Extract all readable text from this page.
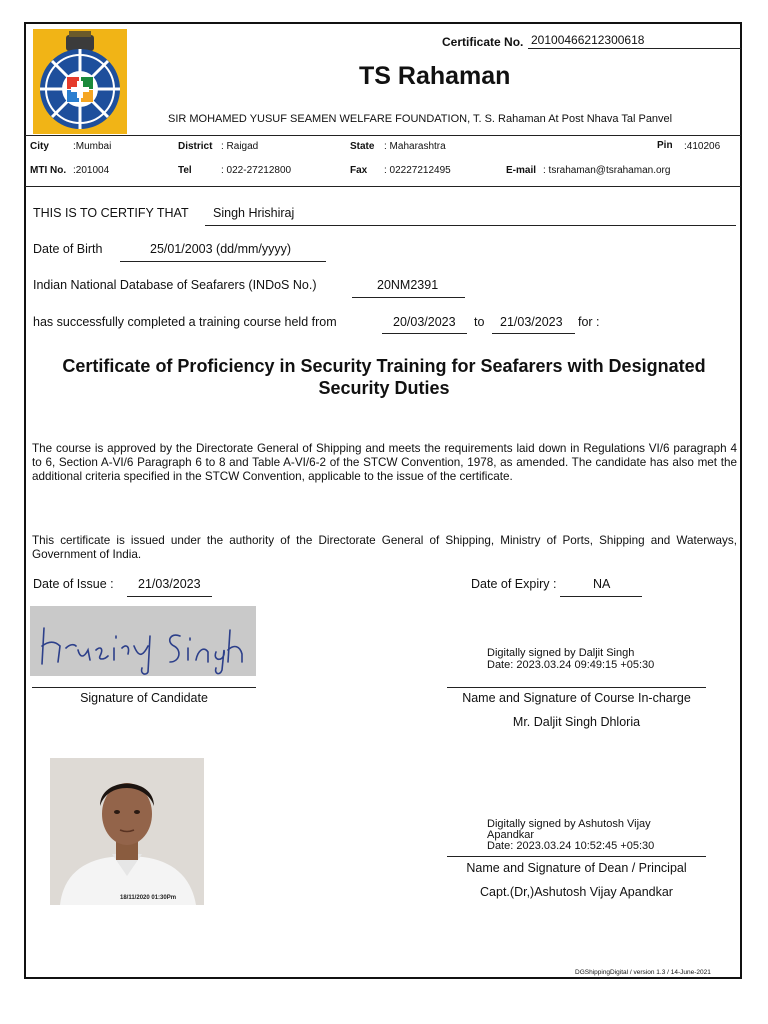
Certificate No. 20100466212300618
TS Rahaman
SIR MOHAMED YUSUF SEAMEN WELFARE FOUNDATION, T. S. Rahaman At Post Nhava Tal Panvel
City :Mumbai	District : Raigad	State : Maharashtra	Pin :410206
MTI No. :201004	Tel	: 022-27212800	Fax : 02227212495	E-mail : tsrahaman@tsrahaman.org
THIS IS TO CERTIFY THAT Singh Hrishiraj
Date of Birth	25/01/2003 (dd/mm/yyyy)
Indian National Database of Seafarers (INDoS No.)	20NM2391
has successfully completed a training course held from	20/03/2023 to 21/03/2023 for :
Certificate of Proficiency in Security Training for Seafarers with Designated
Security Duties
The course is approved by the Directorate General of Shipping and meets the requirements laid down in Regulations VI/6 paragraph 4 to 6, Section A-VI/6 Paragraph 6 to 8 and Table A-VI/6-2 of the STCW Convention, 1978, as amended. The candidate has also met the additional criteria specified in the STCW Convention, applicable to the issue of the certificate.
This certificate is issued under the authority of the Directorate General of Shipping, Ministry of Ports, Shipping and Waterways, Government of India.
Date of Issue : 21/03/2023	Date of Expiry :	NA
Signature of Candidate
Digitally signed by Daljit Singh
Date: 2023.03.24 09:49:15 +05:30
Name and Signature of Course In-charge
Mr. Daljit Singh Dhloria
18/11/2020 01:30Pm
Digitally signed by Ashutosh Vijay
Apandkar
Date: 2023.03.24 10:52:45 +05:30
Name and Signature of Dean / Principal
Capt.(Dr,)Ashutosh Vijay Apandkar
DGShippingDigital / version 1.3 / 14-June-2021
